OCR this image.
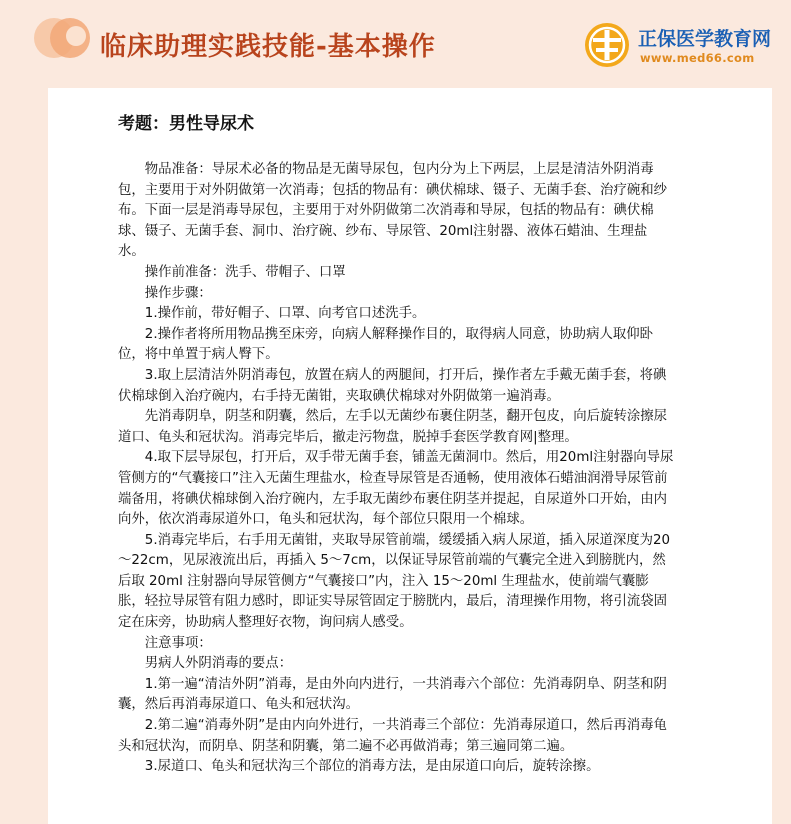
临床助理实践技能-基本操作	正保医学教育网
www.med66.com
考题：男性导尿术

物品准备：导尿术必备的物品是无菌导尿包，包内分为上下两层，上层是清洁外阴消毒包，主要用于对外阴做第一次消毒；包括的物品有：碘伏棉球、镊子、无菌手套、治疗碗和纱布。下面一层是消毒导尿包，主要用于对外阴做第二次消毒和导尿，包括的物品有：碘伏棉球、镊子、无菌手套、洞巾、治疗碗、纱布、导尿管、20ml注射器、液体石蜡油、生理盐水。

操作前准备：洗手、带帽子、口罩

操作步骤：

1.操作前，带好帽子、口罩、向考官口述洗手。

2.操作者将所用物品携至床旁，向病人解释操作目的，取得病人同意，协助病人取仰卧位，将中单置于病人臀下。

3.取上层清洁外阴消毒包，放置在病人的两腿间，打开后，操作者左手戴无菌手套，将碘伏棉球倒入治疗碗内，右手持无菌钳，夹取碘伏棉球对外阴做第一遍消毒。

先消毒阴阜，阴茎和阴囊，然后，左手以无菌纱布裹住阴茎，翻开包皮，向后旋转涂擦尿道口、龟头和冠状沟。消毒完毕后，撤走污物盘，脱掉手套医学教育网|整理。

4.取下层导尿包，打开后，双手带无菌手套，铺盖无菌洞巾。然后，用20ml注射器向导尿管侧方的“气囊接口”注入无菌生理盐水，检查导尿管是否通畅，使用液体石蜡油润滑导尿管前端备用，将碘伏棉球倒入治疗碗内，左手取无菌纱布裹住阴茎并提起，自尿道外口开始，由内向外，依次消毒尿道外口，龟头和冠状沟，每个部位只限用一个棉球。

5.消毒完毕后，右手用无菌钳，夹取导尿管前端，缓缓插入病人尿道，插入尿道深度为20～22cm，见尿液流出后，再插入 5～7cm，以保证导尿管前端的气囊完全进入到膀胱内，然后取 20ml 注射器向导尿管侧方“气囊接口”内，注入 15～20ml 生理盐水，使前端气囊膨胀，轻拉导尿管有阻力感时，即证实导尿管固定于膀胱内，最后，清理操作用物，将引流袋固定在床旁，协助病人整理好衣物，询问病人感受。

注意事项：

男病人外阴消毒的要点：

1.第一遍“清洁外阴”消毒，是由外向内进行，一共消毒六个部位：先消毒阴阜、阴茎和阴囊，然后再消毒尿道口、龟头和冠状沟。

2.第二遍“消毒外阴”是由内向外进行，一共消毒三个部位：先消毒尿道口，然后再消毒龟头和冠状沟，而阴阜、阴茎和阴囊，第二遍不必再做消毒；第三遍同第二遍。

3.尿道口、龟头和冠状沟三个部位的消毒方法，是由尿道口向后，旋转涂擦。
